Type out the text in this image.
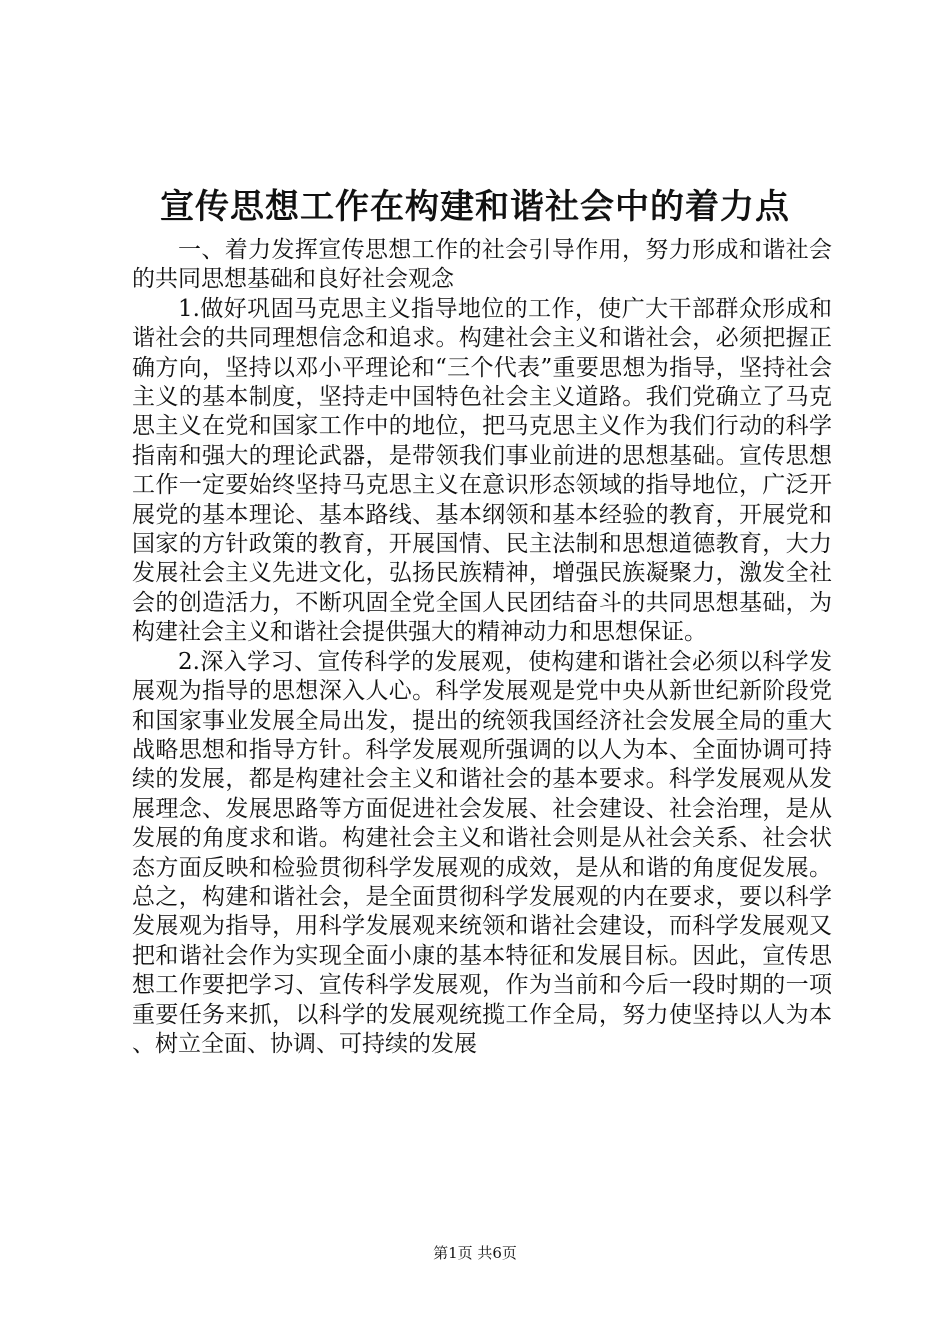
宣传思想工作在构建和谐社会中的着力点

一、着力发挥宣传思想工作的社会引导作用，努力形成和谐社会的共同思想基础和良好社会观念

1.做好巩固马克思主义指导地位的工作，使广大干部群众形成和谐社会的共同理想信念和追求。构建社会主义和谐社会，必须把握正确方向，坚持以邓小平理论和“三个代表”重要思想为指导，坚持社会主义的基本制度，坚持走中国特色社会主义道路。我们党确立了马克思主义在党和国家工作中的地位，把马克思主义作为我们行动的科学指南和强大的理论武器，是带领我们事业前进的思想基础。宣传思想工作一定要始终坚持马克思主义在意识形态领域的指导地位，广泛开展党的基本理论、基本路线、基本纲领和基本经验的教育，开展党和国家的方针政策的教育，开展国情、民主法制和思想道德教育，大力发展社会主义先进文化，弘扬民族精神，增强民族凝聚力，激发全社会的创造活力，不断巩固全党全国人民团结奋斗的共同思想基础，为构建社会主义和谐社会提供强大的精神动力和思想保证。

2.深入学习、宣传科学的发展观，使构建和谐社会必须以科学发展观为指导的思想深入人心。科学发展观是党中央从新世纪新阶段党和国家事业发展全局出发，提出的统领我国经济社会发展全局的重大战略思想和指导方针。科学发展观所强调的以人为本、全面协调可持续的发展，都是构建社会主义和谐社会的基本要求。科学发展观从发展理念、发展思路等方面促进社会发展、社会建设、社会治理，是从发展的角度求和谐。构建社会主义和谐社会则是从社会关系、社会状态方面反映和检验贯彻科学发展观的成效，是从和谐的角度促发展。总之，构建和谐社会，是全面贯彻科学发展观的内在要求，要以科学发展观为指导，用科学发展观来统领和谐社会建设，而科学发展观又把和谐社会作为实现全面小康的基本特征和发展目标。因此，宣传思想工作要把学习、宣传科学发展观，作为当前和今后一段时期的一项重要任务来抓，以科学的发展观统揽工作全局，努力使坚持以人为本、树立全面、协调、可持续的发展

第1页 共6页
